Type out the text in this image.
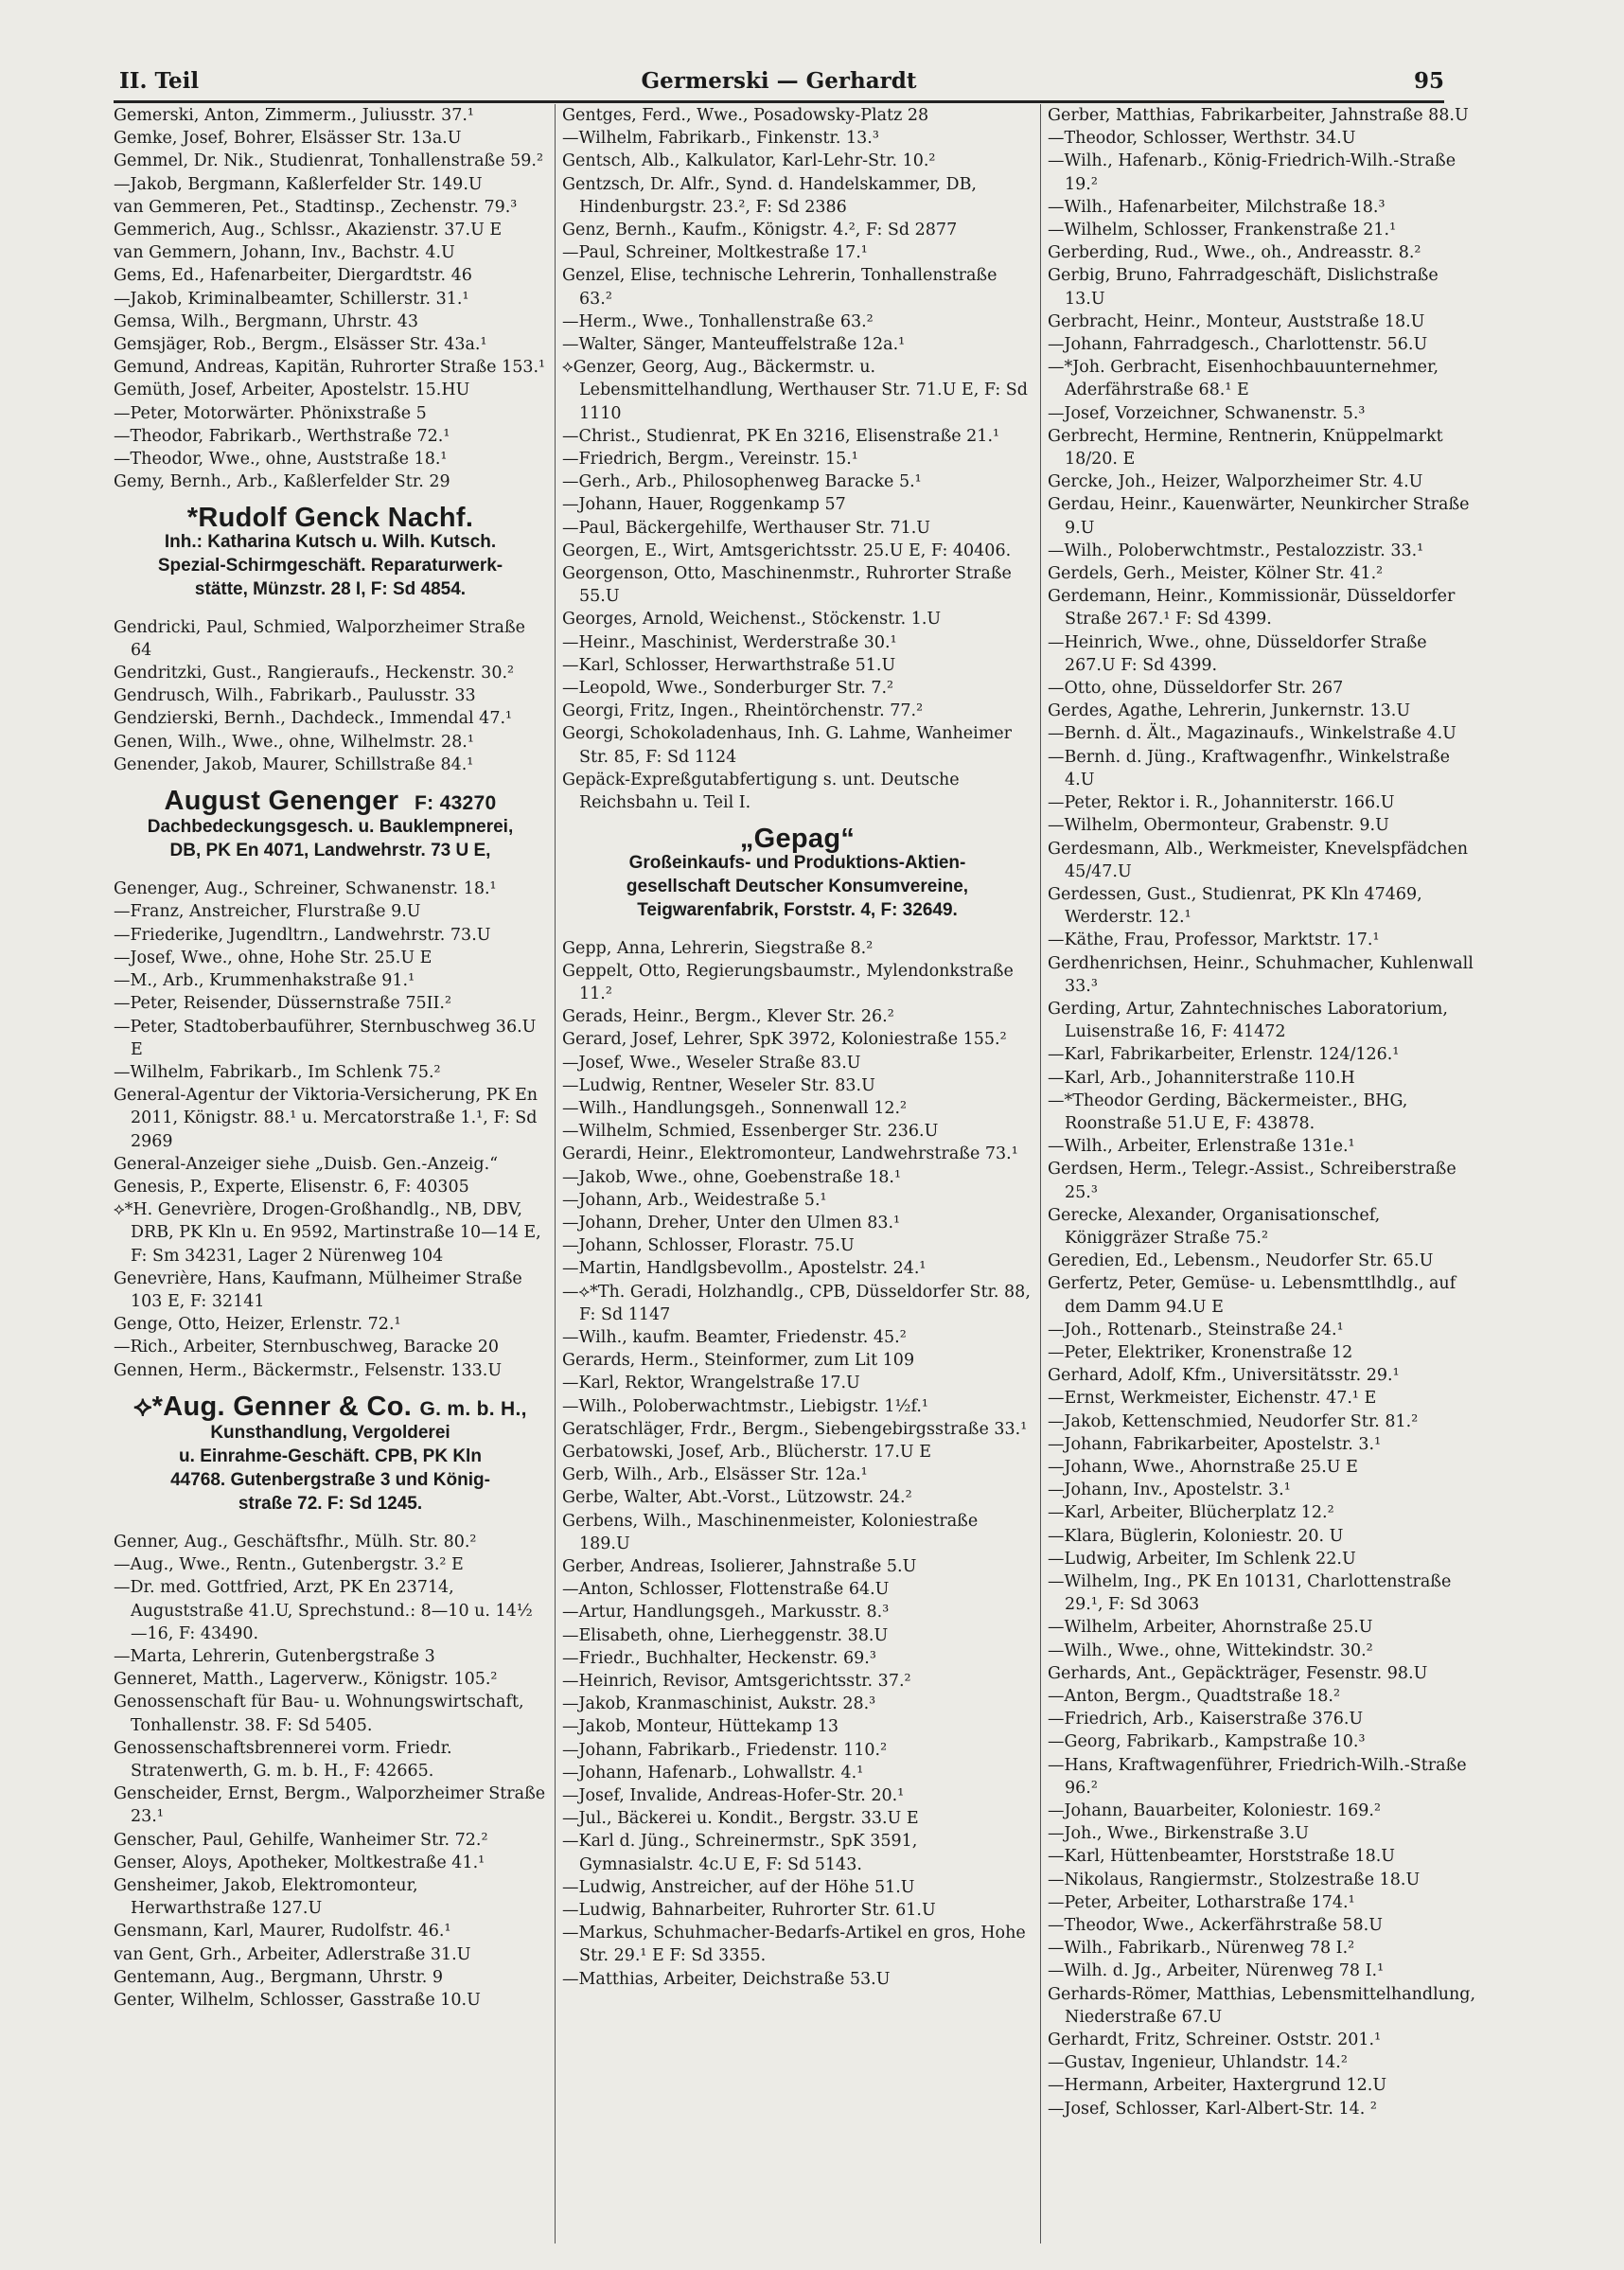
II. Teil	Germerski — Gerhardt	95
Gemerski, Anton, Zimmerm., Juliusstr. 37.¹
Gemke, Josef, Bohrer, Elsässer Str. 13a.U
Gemmel, Dr. Nik., Studienrat, Tonhallenstraße 59.²
—Jakob, Bergmann, Kaßlerfelder Str. 149.U
van Gemmeren, Pet., Stadtinsp., Zechenstr. 79.³
Gemmerich, Aug., Schlssr., Akazienstr. 37.U E
van Gemmern, Johann, Inv., Bachstr. 4.U
Gems, Ed., Hafenarbeiter, Diergardtstr. 46
—Jakob, Kriminalbeamter, Schillerstr. 31.¹
Gemsa, Wilh., Bergmann, Uhrstr. 43
Gemsjäger, Rob., Bergm., Elsässer Str. 43a.¹
Gemund, Andreas, Kapitän, Ruhrorter Straße 153.¹
Gemüth, Josef, Arbeiter, Apostelstr. 15.HU
—Peter, Motorwärter. Phönixstraße 5
—Theodor, Fabrikarb., Werthstraße 72.¹
—Theodor, Wwe., ohne, Auststraße 18.¹
Gemy, Bernh., Arb., Kaßlerfelder Str. 29
*Rudolf Genck Nachf.
Inh.: Katharina Kutsch u. Wilh. Kutsch.
Spezial-Schirmgeschäft. Reparaturwerk-
stätte, Münzstr. 28 I, F: Sd 4854.
Gendricki, Paul, Schmied, Walporzheimer Straße 64
Gendritzki, Gust., Rangieraufs., Heckenstr. 30.²
Gendrusch, Wilh., Fabrikarb., Paulusstr. 33
Gendzierski, Bernh., Dachdeck., Immendal 47.¹
Genen, Wilh., Wwe., ohne, Wilhelmstr. 28.¹
Genender, Jakob, Maurer, Schillstraße 84.¹
August Genenger F: 43270
Dachbedeckungsgesch. u. Bauklempnerei,
DB, PK En 4071, Landwehrstr. 73 U E,
Genenger, Aug., Schreiner, Schwanenstr. 18.¹
—Franz, Anstreicher, Flurstraße 9.U
—Friederike, Jugendltrn., Landwehrstr. 73.U
—Josef, Wwe., ohne, Hohe Str. 25.U E
—M., Arb., Krummenhakstraße 91.¹
—Peter, Reisender, Düssernstraße 75II.²
—Peter, Stadtoberbauführer, Sternbuschweg 36.U E
—Wilhelm, Fabrikarb., Im Schlenk 75.²
General-Agentur der Viktoria-Versicherung, PK En 2011, Königstr. 88.¹ u. Mercatorstraße 1.¹, F: Sd 2969
General-Anzeiger siehe „Duisb. Gen.-Anzeig.“
Genesis, P., Experte, Elisenstr. 6, F: 40305
⟡*H. Genevrière, Drogen-Großhandlg., NB, DBV, DRB, PK Kln u. En 9592, Martinstraße 10—14 E, F: Sm 34231, Lager 2 Nürenweg 104
Genevrière, Hans, Kaufmann, Mülheimer Straße 103 E, F: 32141
Genge, Otto, Heizer, Erlenstr. 72.¹
—Rich., Arbeiter, Sternbuschweg, Baracke 20
Gennen, Herm., Bäckermstr., Felsenstr. 133.U
⟡*Aug. Genner & Co. G. m. b. H.,
Kunsthandlung, Vergolderei
u. Einrahme-Geschäft. CPB, PK Kln
44768. Gutenbergstraße 3 und König-
straße 72. F: Sd 1245.
Genner, Aug., Geschäftsfhr., Mülh. Str. 80.²
—Aug., Wwe., Rentn., Gutenbergstr. 3.² E
—Dr. med. Gottfried, Arzt, PK En 23714, Auguststraße 41.U, Sprechstund.: 8—10 u. 14½—16, F: 43490.
—Marta, Lehrerin, Gutenbergstraße 3
Genneret, Matth., Lagerverw., Königstr. 105.²
Genossenschaft für Bau- u. Wohnungswirtschaft, Tonhallenstr. 38. F: Sd 5405.
Genossenschaftsbrennerei vorm. Friedr. Stratenwerth, G. m. b. H., F: 42665.
Genscheider, Ernst, Bergm., Walporzheimer Straße 23.¹
Genscher, Paul, Gehilfe, Wanheimer Str. 72.²
Genser, Aloys, Apotheker, Moltkestraße 41.¹
Gensheimer, Jakob, Elektromonteur, Herwarthstraße 127.U
Gensmann, Karl, Maurer, Rudolfstr. 46.¹
van Gent, Grh., Arbeiter, Adlerstraße 31.U
Gentemann, Aug., Bergmann, Uhrstr. 9
Genter, Wilhelm, Schlosser, Gasstraße 10.U
Gentges, Ferd., Wwe., Posadowsky-Platz 28
—Wilhelm, Fabrikarb., Finkenstr. 13.³
Gentsch, Alb., Kalkulator, Karl-Lehr-Str. 10.²
Gentzsch, Dr. Alfr., Synd. d. Handelskammer, DB, Hindenburgstr. 23.², F: Sd 2386
Genz, Bernh., Kaufm., Königstr. 4.², F: Sd 2877
—Paul, Schreiner, Moltkestraße 17.¹
Genzel, Elise, technische Lehrerin, Tonhallenstraße 63.²
—Herm., Wwe., Tonhallenstraße 63.²
—Walter, Sänger, Manteuffelstraße 12a.¹
⟡Genzer, Georg, Aug., Bäckermstr. u. Lebensmittelhandlung, Werthauser Str. 71.U E, F: Sd 1110
—Christ., Studienrat, PK En 3216, Elisenstraße 21.¹
—Friedrich, Bergm., Vereinstr. 15.¹
—Gerh., Arb., Philosophenweg Baracke 5.¹
—Johann, Hauer, Roggenkamp 57
—Paul, Bäckergehilfe, Werthauser Str. 71.U
Georgen, E., Wirt, Amtsgerichtsstr. 25.U E, F: 40406.
Georgenson, Otto, Maschinenmstr., Ruhrorter Straße 55.U
Georges, Arnold, Weichenst., Stöckenstr. 1.U
—Heinr., Maschinist, Werderstraße 30.¹
—Karl, Schlosser, Herwarthstraße 51.U
—Leopold, Wwe., Sonderburger Str. 7.²
Georgi, Fritz, Ingen., Rheintörchenstr. 77.²
Georgi, Schokoladenhaus, Inh. G. Lahme, Wanheimer Str. 85, F: Sd 1124
Gepäck-Expreßgutabfertigung s. unt. Deutsche Reichsbahn u. Teil I.
„Gepag“
Großeinkaufs- und Produktions-Aktien-
gesellschaft Deutscher Konsumvereine,
Teigwarenfabrik, Forststr. 4, F: 32649.
Gepp, Anna, Lehrerin, Siegstraße 8.²
Geppelt, Otto, Regierungsbaumstr., Mylendonkstraße 11.²
Gerads, Heinr., Bergm., Klever Str. 26.²
Gerard, Josef, Lehrer, SpK 3972, Koloniestraße 155.²
—Josef, Wwe., Weseler Straße 83.U
—Ludwig, Rentner, Weseler Str. 83.U
—Wilh., Handlungsgeh., Sonnenwall 12.²
—Wilhelm, Schmied, Essenberger Str. 236.U
Gerardi, Heinr., Elektromonteur, Landwehrstraße 73.¹
—Jakob, Wwe., ohne, Goebenstraße 18.¹
—Johann, Arb., Weidestraße 5.¹
—Johann, Dreher, Unter den Ulmen 83.¹
—Johann, Schlosser, Florastr. 75.U
—Martin, Handlgsbevollm., Apostelstr. 24.¹
—⟡*Th. Geradi, Holzhandlg., CPB, Düsseldorfer Str. 88, F: Sd 1147
—Wilh., kaufm. Beamter, Friedenstr. 45.²
Gerards, Herm., Steinformer, zum Lit 109
—Karl, Rektor, Wrangelstraße 17.U
—Wilh., Poloberwachtmstr., Liebigstr. 1½f.¹
Geratschläger, Frdr., Bergm., Siebengebirgsstraße 33.¹
Gerbatowski, Josef, Arb., Blücherstr. 17.U E
Gerb, Wilh., Arb., Elsässer Str. 12a.¹
Gerbe, Walter, Abt.-Vorst., Lützowstr. 24.²
Gerbens, Wilh., Maschinenmeister, Koloniestraße 189.U
Gerber, Andreas, Isolierer, Jahnstraße 5.U
—Anton, Schlosser, Flottenstraße 64.U
—Artur, Handlungsgeh., Markusstr. 8.³
—Elisabeth, ohne, Lierheggenstr. 38.U
—Friedr., Buchhalter, Heckenstr. 69.³
—Heinrich, Revisor, Amtsgerichtsstr. 37.²
—Jakob, Kranmaschinist, Aukstr. 28.³
—Jakob, Monteur, Hüttekamp 13
—Johann, Fabrikarb., Friedenstr. 110.²
—Johann, Hafenarb., Lohwallstr. 4.¹
—Josef, Invalide, Andreas-Hofer-Str. 20.¹
—Jul., Bäckerei u. Kondit., Bergstr. 33.U E
—Karl d. Jüng., Schreinermstr., SpK 3591, Gymnasialstr. 4c.U E, F: Sd 5143.
—Ludwig, Anstreicher, auf der Höhe 51.U
—Ludwig, Bahnarbeiter, Ruhrorter Str. 61.U
—Markus, Schuhmacher-Bedarfs-Artikel en gros, Hohe Str. 29.¹ E F: Sd 3355.
—Matthias, Arbeiter, Deichstraße 53.U
Gerber, Matthias, Fabrikarbeiter, Jahnstraße 88.U
—Theodor, Schlosser, Werthstr. 34.U
—Wilh., Hafenarb., König-Friedrich-Wilh.-Straße 19.²
—Wilh., Hafenarbeiter, Milchstraße 18.³
—Wilhelm, Schlosser, Frankenstraße 21.¹
Gerberding, Rud., Wwe., oh., Andreasstr. 8.²
Gerbig, Bruno, Fahrradgeschäft, Dislichstraße 13.U
Gerbracht, Heinr., Monteur, Auststraße 18.U
—Johann, Fahrradgesch., Charlottenstr. 56.U
—*Joh. Gerbracht, Eisenhochbauunternehmer, Aderfährstraße 68.¹ E
—Josef, Vorzeichner, Schwanenstr. 5.³
Gerbrecht, Hermine, Rentnerin, Knüppelmarkt 18/20. E
Gercke, Joh., Heizer, Walporzheimer Str. 4.U
Gerdau, Heinr., Kauenwärter, Neunkircher Straße 9.U
—Wilh., Poloberwchtmstr., Pestalozzistr. 33.¹
Gerdels, Gerh., Meister, Kölner Str. 41.²
Gerdemann, Heinr., Kommissionär, Düsseldorfer Straße 267.¹ F: Sd 4399.
—Heinrich, Wwe., ohne, Düsseldorfer Straße 267.U F: Sd 4399.
—Otto, ohne, Düsseldorfer Str. 267
Gerdes, Agathe, Lehrerin, Junkernstr. 13.U
—Bernh. d. Ält., Magazinaufs., Winkelstraße 4.U
—Bernh. d. Jüng., Kraftwagenfhr., Winkelstraße 4.U
—Peter, Rektor i. R., Johanniterstr. 166.U
—Wilhelm, Obermonteur, Grabenstr. 9.U
Gerdesmann, Alb., Werkmeister, Knevelspfädchen 45/47.U
Gerdessen, Gust., Studienrat, PK Kln 47469, Werderstr. 12.¹
—Käthe, Frau, Professor, Marktstr. 17.¹
Gerdhenrichsen, Heinr., Schuhmacher, Kuhlenwall 33.³
Gerding, Artur, Zahntechnisches Laboratorium, Luisenstraße 16, F: 41472
—Karl, Fabrikarbeiter, Erlenstr. 124/126.¹
—Karl, Arb., Johanniterstraße 110.H
—*Theodor Gerding, Bäckermeister., BHG, Roonstraße 51.U E, F: 43878.
—Wilh., Arbeiter, Erlenstraße 131e.¹
Gerdsen, Herm., Telegr.-Assist., Schreiberstraße 25.³
Gerecke, Alexander, Organisationschef, Königgräzer Straße 75.²
Geredien, Ed., Lebensm., Neudorfer Str. 65.U
Gerfertz, Peter, Gemüse- u. Lebensmttlhdlg., auf dem Damm 94.U E
—Joh., Rottenarb., Steinstraße 24.¹
—Peter, Elektriker, Kronenstraße 12
Gerhard, Adolf, Kfm., Universitätsstr. 29.¹
—Ernst, Werkmeister, Eichenstr. 47.¹ E
—Jakob, Kettenschmied, Neudorfer Str. 81.²
—Johann, Fabrikarbeiter, Apostelstr. 3.¹
—Johann, Wwe., Ahornstraße 25.U E
—Johann, Inv., Apostelstr. 3.¹
—Karl, Arbeiter, Blücherplatz 12.²
—Klara, Büglerin, Koloniestr. 20. U
—Ludwig, Arbeiter, Im Schlenk 22.U
—Wilhelm, Ing., PK En 10131, Charlottenstraße 29.¹, F: Sd 3063
—Wilhelm, Arbeiter, Ahornstraße 25.U
—Wilh., Wwe., ohne, Wittekindstr. 30.²
Gerhards, Ant., Gepäckträger, Fesenstr. 98.U
—Anton, Bergm., Quadtstraße 18.²
—Friedrich, Arb., Kaiserstraße 376.U
—Georg, Fabrikarb., Kampstraße 10.³
—Hans, Kraftwagenführer, Friedrich-Wilh.-Straße 96.²
—Johann, Bauarbeiter, Koloniestr. 169.²
—Joh., Wwe., Birkenstraße 3.U
—Karl, Hüttenbeamter, Horststraße 18.U
—Nikolaus, Rangiermstr., Stolzestraße 18.U
—Peter, Arbeiter, Lotharstraße 174.¹
—Theodor, Wwe., Ackerfährstraße 58.U
—Wilh., Fabrikarb., Nürenweg 78 I.²
—Wilh. d. Jg., Arbeiter, Nürenweg 78 I.¹
Gerhards-Römer, Matthias, Lebensmittelhandlung, Niederstraße 67.U
Gerhardt, Fritz, Schreiner. Oststr. 201.¹
—Gustav, Ingenieur, Uhlandstr. 14.²
—Hermann, Arbeiter, Haxtergrund 12.U
—Josef, Schlosser, Karl-Albert-Str. 14. ²
